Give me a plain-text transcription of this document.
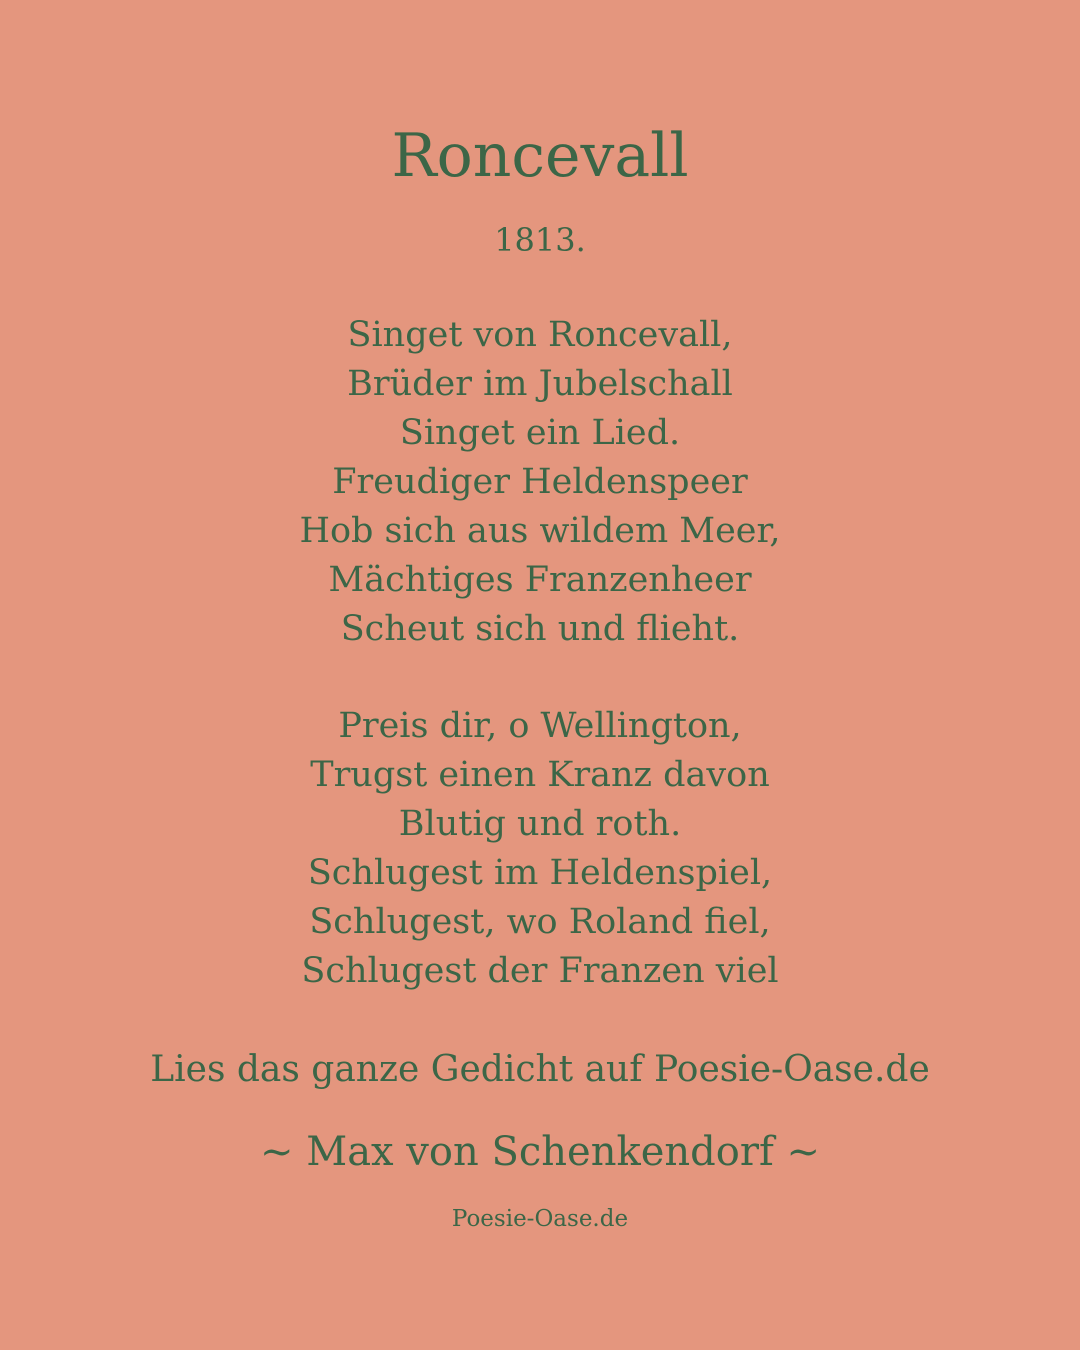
Roncevall
1813.
Singet von Roncevall,
Brüder im Jubelschall
Singet ein Lied.
Freudiger Heldenspeer
Hob sich aus wildem Meer,
Mächtiges Franzenheer
Scheut sich und flieht.
Preis dir, o Wellington,
Trugst einen Kranz davon
Blutig und roth.
Schlugest im Heldenspiel,
Schlugest, wo Roland fiel,
Schlugest der Franzen viel
Lies das ganze Gedicht auf Poesie-Oase.de
~ Max von Schenkendorf ~
Poesie-Oase.de
